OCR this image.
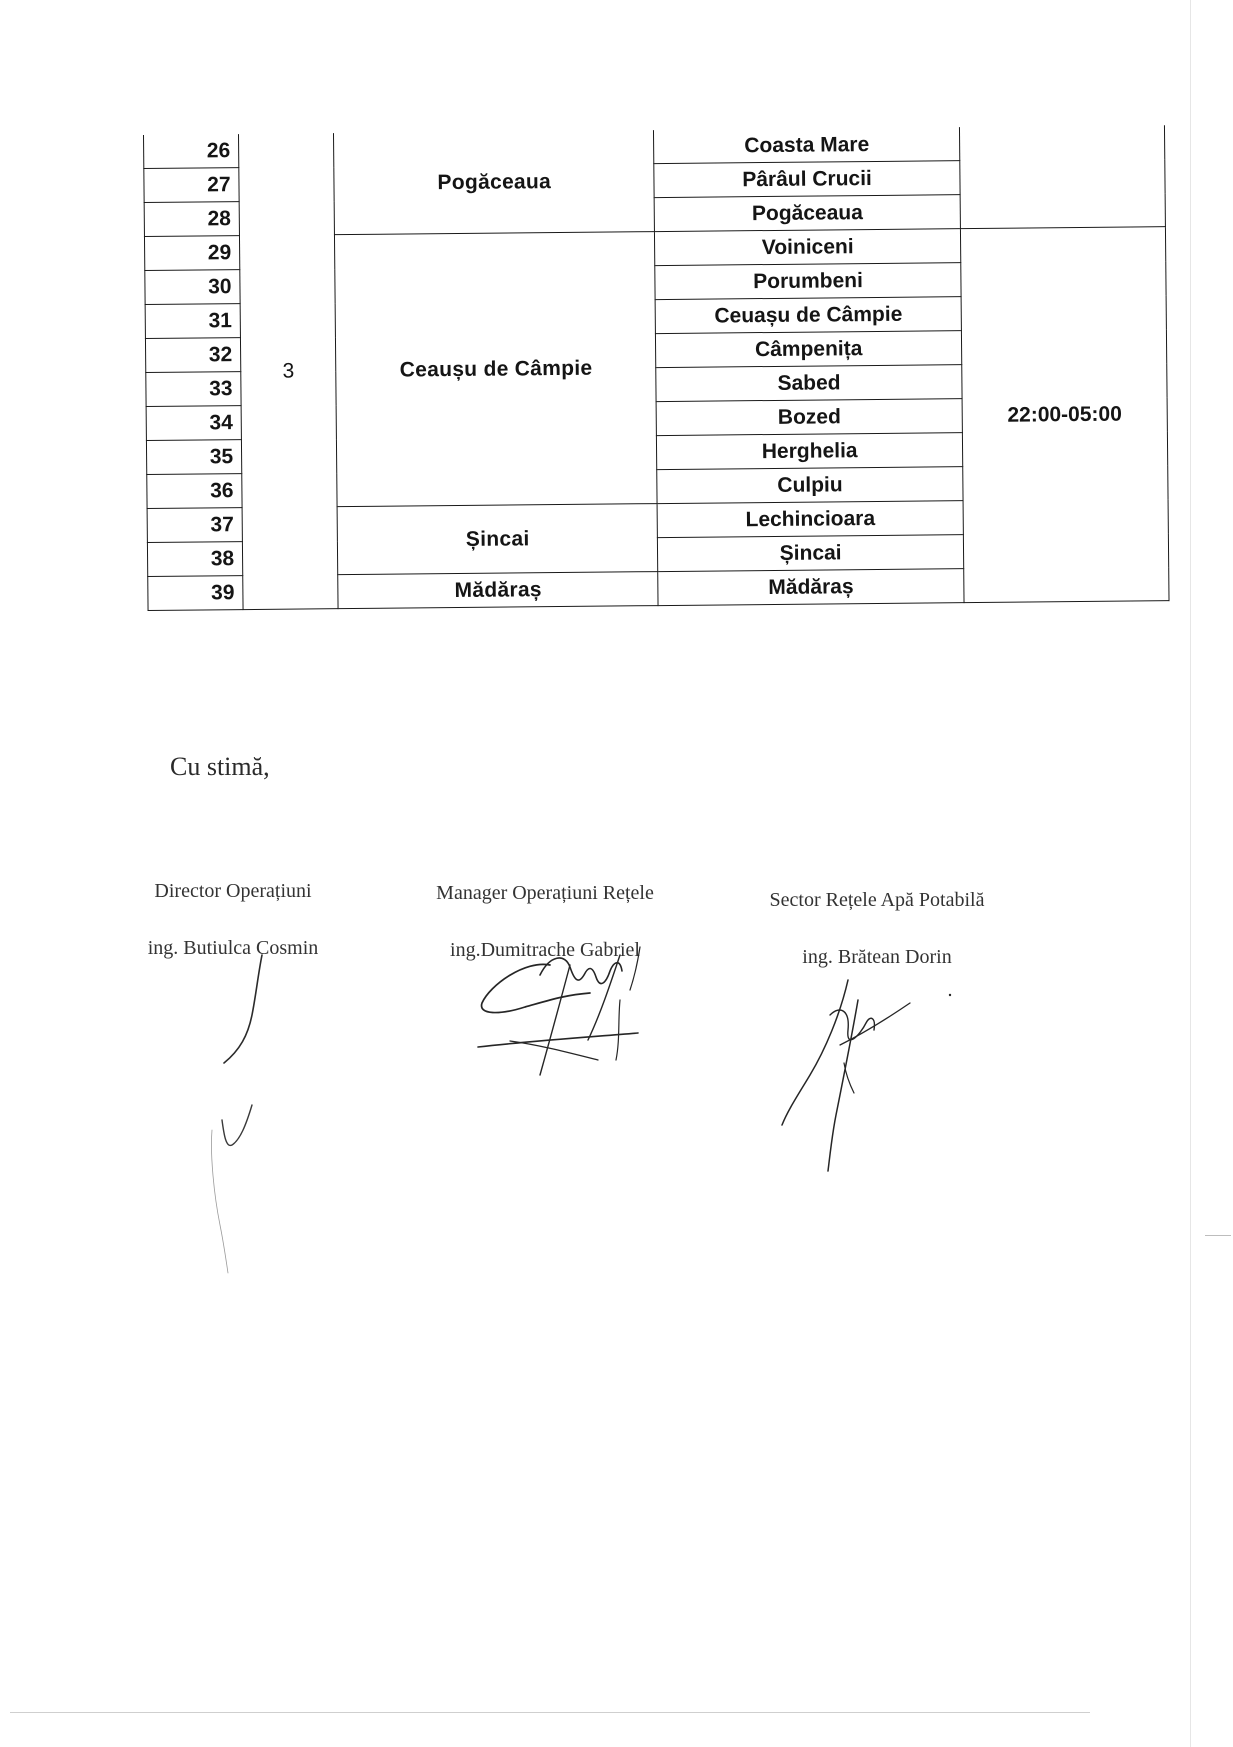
26	3	Pogăceaua	Coasta Mare	
27			Pârâul Crucii	
28			Pogăceaua	
29		Ceaușu de Câmpie	Voiniceni	22:00-05:00
30			Porumbeni	
31			Ceuașu de Câmpie	
32			Câmpenița	
33			Sabed	
34			Bozed	
35			Herghelia	
36			Culpiu	
37		Șincai	Lechincioara	
38			Șincai	
39		Mădăraș	Mădăraș	
Cu stimă,
Director Operațiuni
ing. Butiulca Cosmin
Manager Operațiuni Rețele
ing.Dumitrache Gabriel
Sector Rețele Apă Potabilă
ing. Brătean Dorin
